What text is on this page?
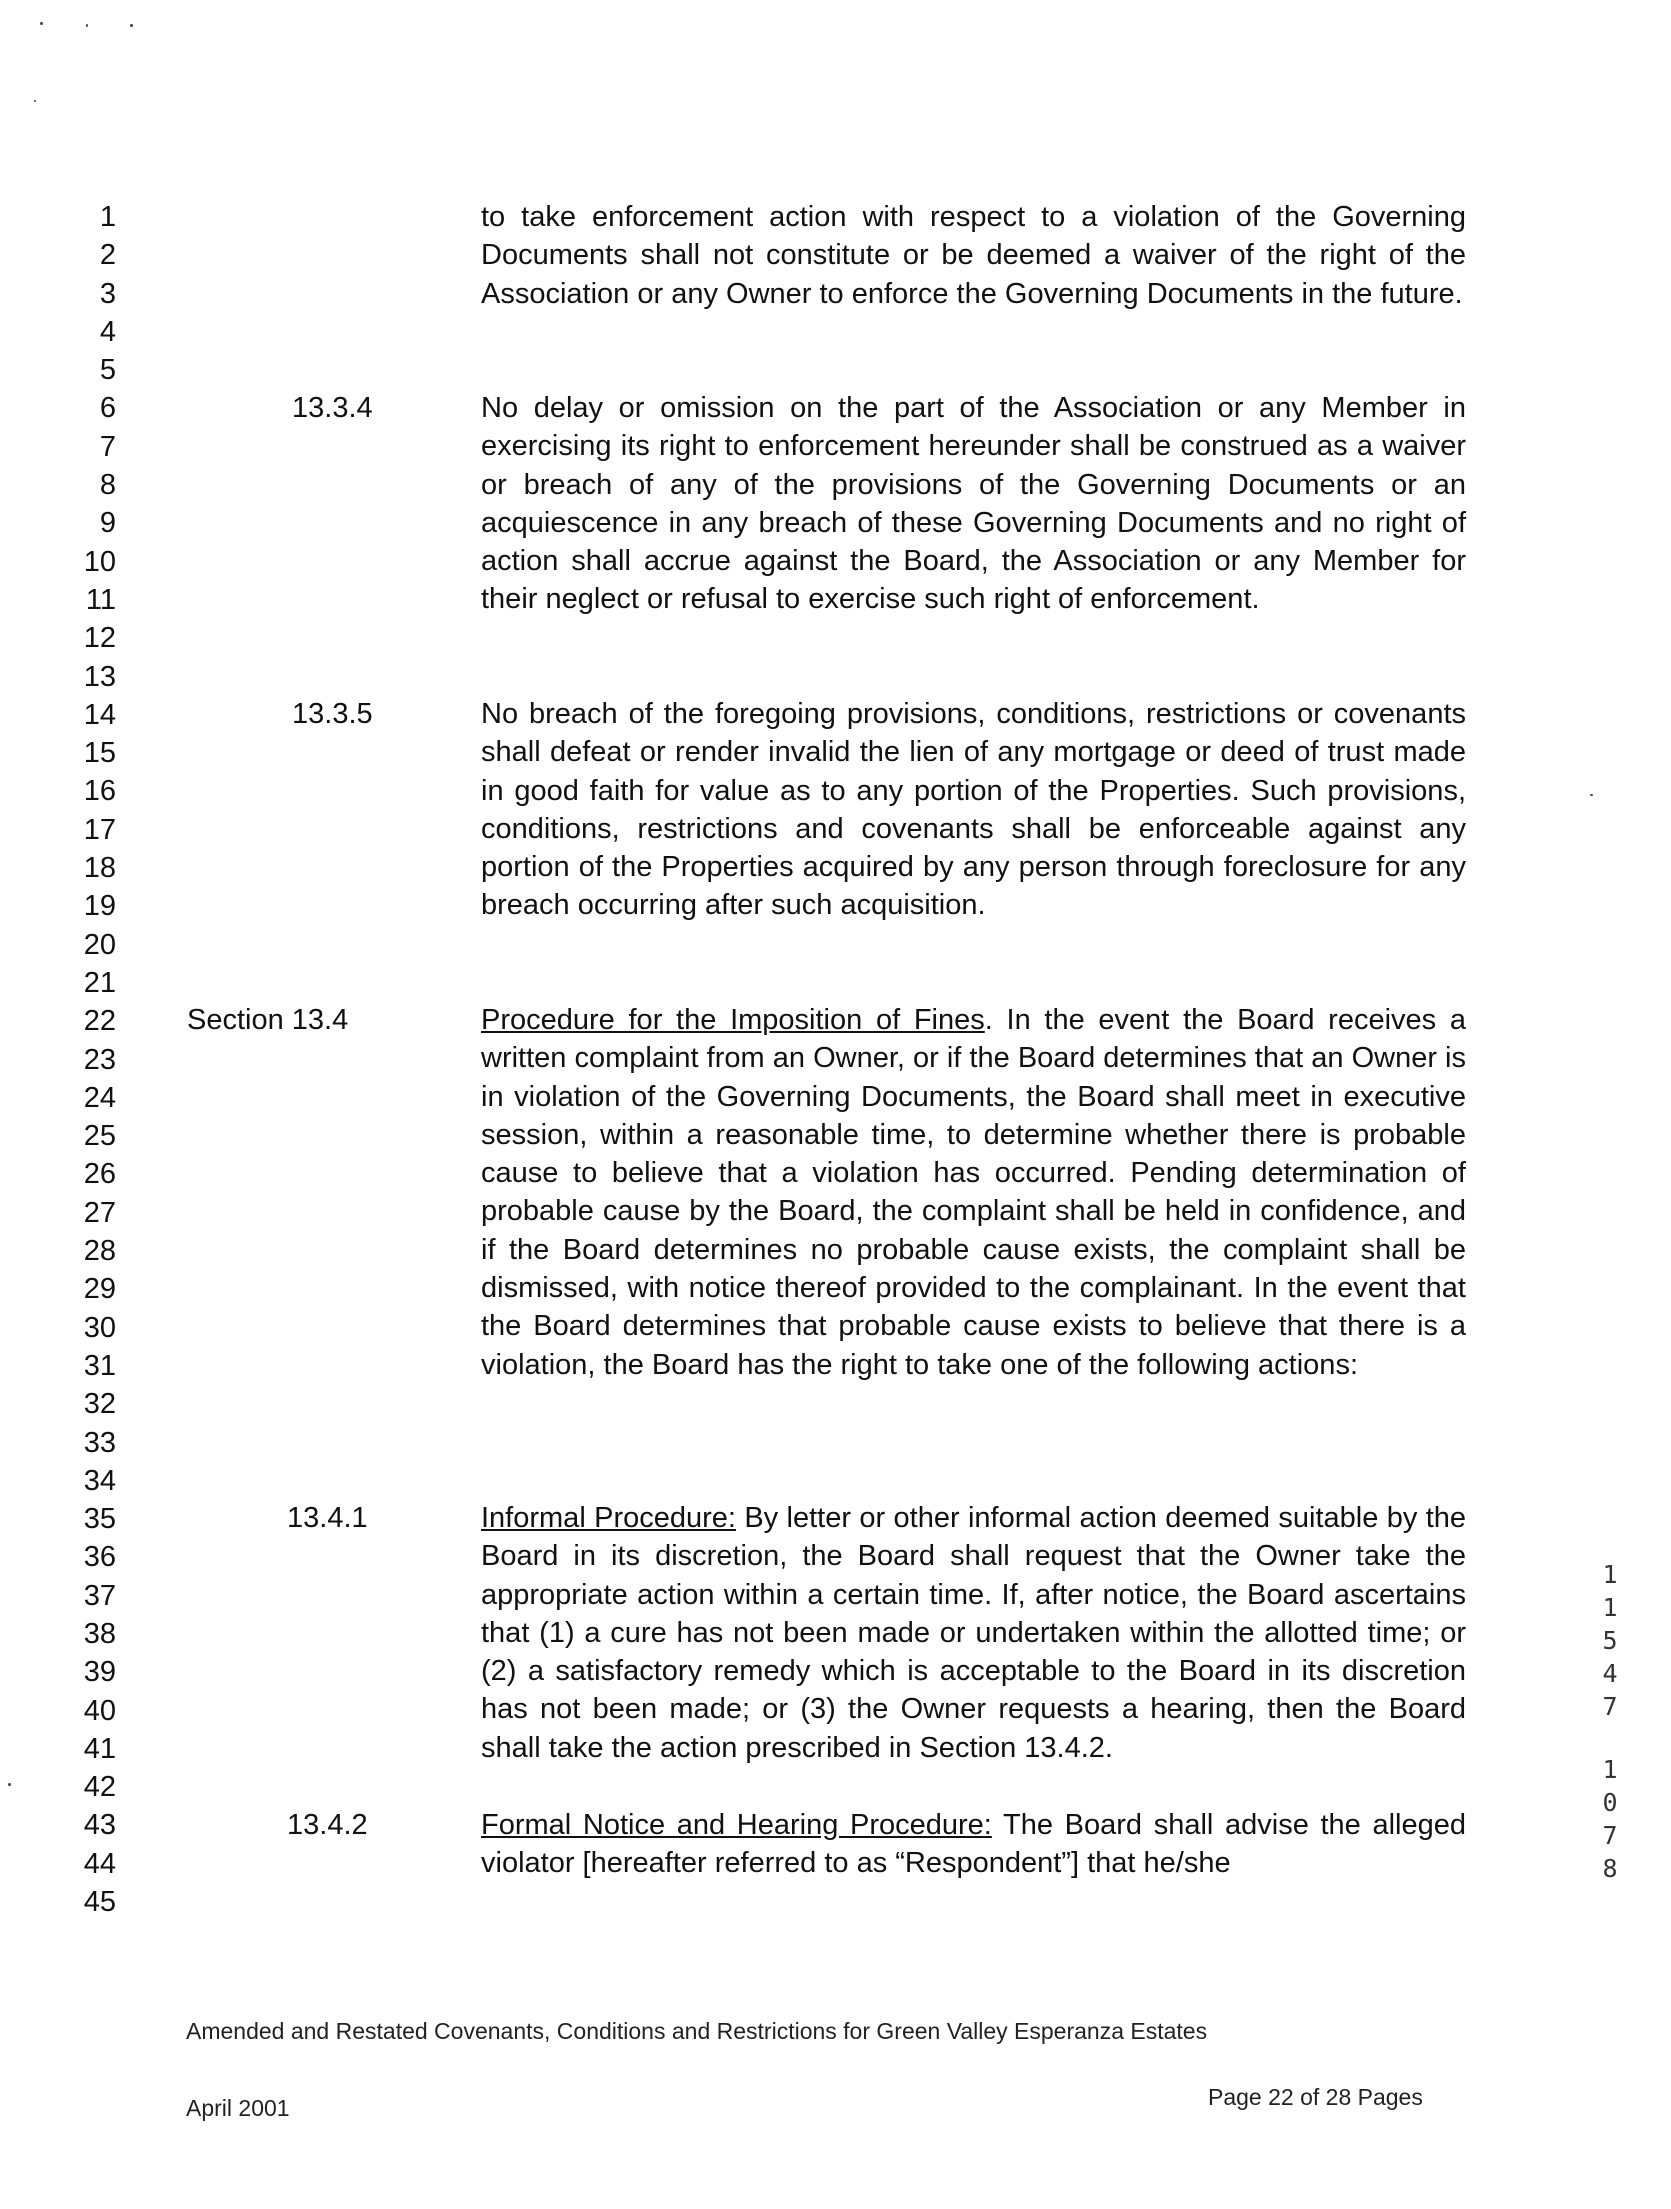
1
2
3
4
5
6
7
8
9
10
11
12
13
14
15
16
17
18
19
20
21
22
23
24
25
26
27
28
29
30
31
32
33
34
35
36
37
38
39
40
41
42
43
44
45
to take enforcement action with respect to a violation of the Governing Documents shall not constitute or be deemed a waiver of the right of the Association or any Owner to enforce the Governing Documents in the future.
13.3.4	No delay or omission on the part of the Association or any Member in exercising its right to enforcement hereunder shall be construed as a waiver or breach of any of the provisions of the Governing Documents or an acquiescence in any breach of these Governing Documents and no right of action shall accrue against the Board, the Association or any Member for their neglect or refusal to exercise such right of enforcement.
13.3.5	No breach of the foregoing provisions, conditions, restrictions or covenants shall defeat or render invalid the lien of any mortgage or deed of trust made in good faith for value as to any portion of the Properties. Such provisions, conditions, restrictions and covenants shall be enforceable against any portion of the Properties acquired by any person through foreclosure for any breach occurring after such acquisition.
Section 13.4	Procedure for the Imposition of Fines. In the event the Board receives a written complaint from an Owner, or if the Board determines that an Owner is in violation of the Governing Documents, the Board shall meet in executive session, within a reasonable time, to determine whether there is probable cause to believe that a violation has occurred. Pending determination of probable cause by the Board, the complaint shall be held in confidence, and if the Board determines no probable cause exists, the complaint shall be dismissed, with notice thereof provided to the complainant. In the event that the Board determines that probable cause exists to believe that there is a violation, the Board has the right to take one of the following actions:
13.4.1	Informal Procedure: By letter or other informal action deemed suitable by the Board in its discretion, the Board shall request that the Owner take the appropriate action within a certain time. If, after notice, the Board ascertains that (1) a cure has not been made or undertaken within the allotted time; or (2) a satisfactory remedy which is acceptable to the Board in its discretion has not been made; or (3) the Owner requests a hearing, then the Board shall take the action prescribed in Section 13.4.2.
13.4.2	Formal Notice and Hearing Procedure: The Board shall advise the alleged violator [hereafter referred to as “Respondent”] that he/she
1
1
5
4
7
1
0
7
8
Amended and Restated Covenants, Conditions and Restrictions for Green Valley Esperanza Estates
April 2001	Page 22 of 28 Pages
